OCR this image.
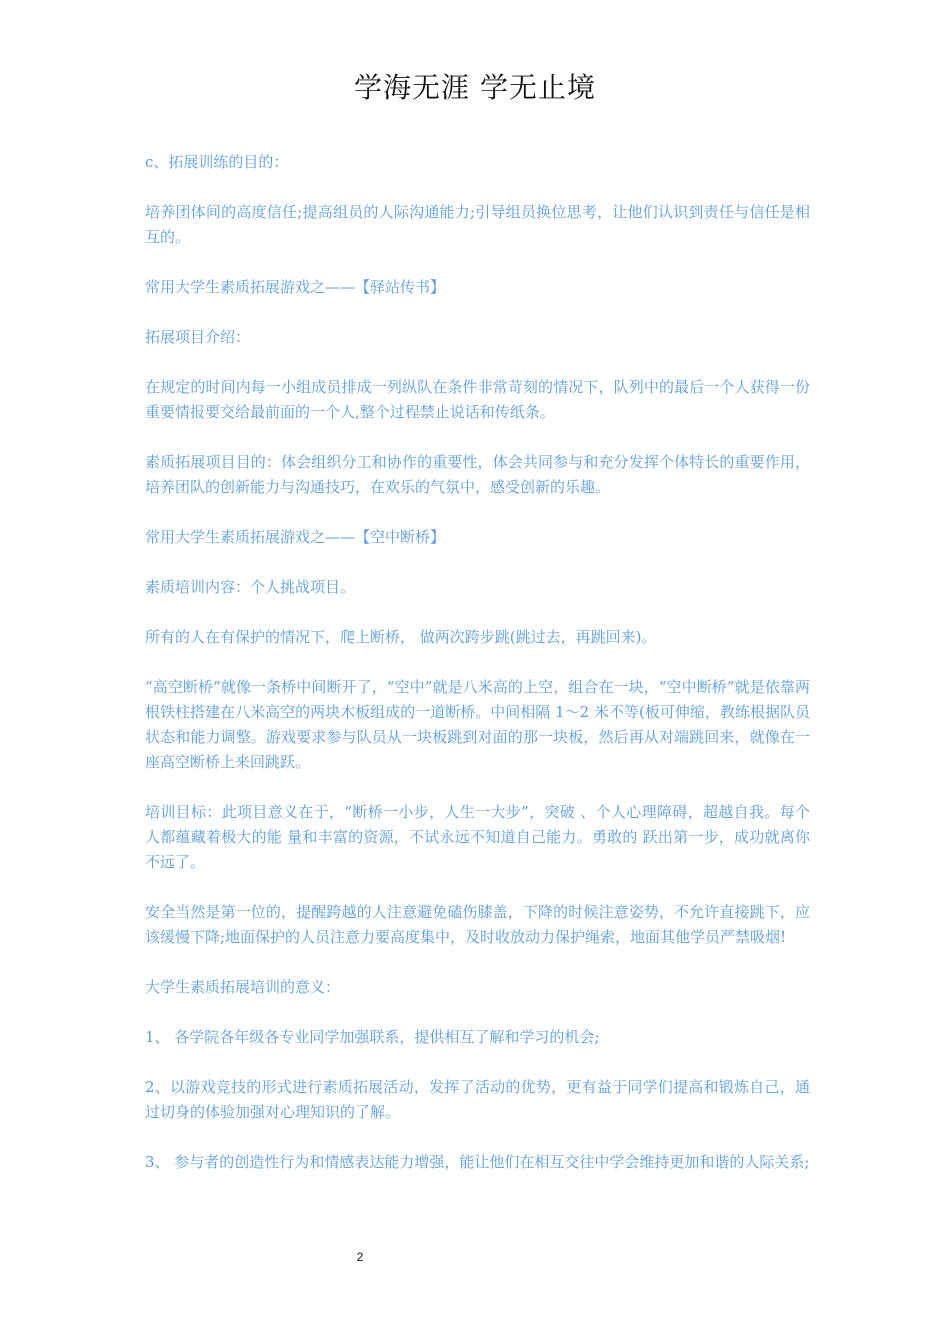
学海无涯 学无止境

c、拓展训练的目的：

培养团体间的高度信任;提高组员的人际沟通能力;引导组员换位思考，让他们认识到责任与信任是相互的。

常用大学生素质拓展游戏之——【驿站传书】

拓展项目介绍：

在规定的时间内每一小组成员排成一列纵队在条件非常苛刻的情况下，队列中的最后一个人获得一份重要情报要交给最前面的一个人,整个过程禁止说话和传纸条。

素质拓展项目目的：体会组织分工和协作的重要性，体会共同参与和充分发挥个体特长的重要作用，培养团队的创新能力与沟通技巧，在欢乐的气氛中，感受创新的乐趣。

常用大学生素质拓展游戏之——【空中断桥】

素质培训内容：个人挑战项目。

所有的人在有保护的情况下，爬上断桥， 做两次跨步跳(跳过去，再跳回来)。

“高空断桥”就像一条桥中间断开了，“空中”就是八米高的上空，组合在一块，“空中断桥”就是依靠两根铁柱搭建在八米高空的两块木板组成的一道断桥。中间相隔 1～2 米不等(板可伸缩，教练根据队员状态和能力调整。游戏要求参与队员从一块板跳到对面的那一块板，然后再从对端跳回来，就像在一座高空断桥上来回跳跃。

培训目标：此项目意义在于，“断桥一小步，人生一大步”，突破 、个人心理障碍，超越自我。每个人都蕴藏着极大的能 量和丰富的资源，不试永远不知道自己能力。勇敢的 跃出第一步，成功就离你不远了。

安全当然是第一位的，提醒跨越的人注意避免磕伤膝盖，下降的时候注意姿势，不允许直接跳下，应该缓慢下降;地面保护的人员注意力要高度集中，及时收放动力保护绳索，地面其他学员严禁吸烟!

大学生素质拓展培训的意义：

1、 各学院各年级各专业同学加强联系，提供相互了解和学习的机会;

2、以游戏竞技的形式进行素质拓展活动，发挥了活动的优势，更有益于同学们提高和锻炼自己，通过切身的体验加强对心理知识的了解。

3、 参与者的创造性行为和情感表达能力增强，能让他们在相互交往中学会维持更加和谐的人际关系;

2
